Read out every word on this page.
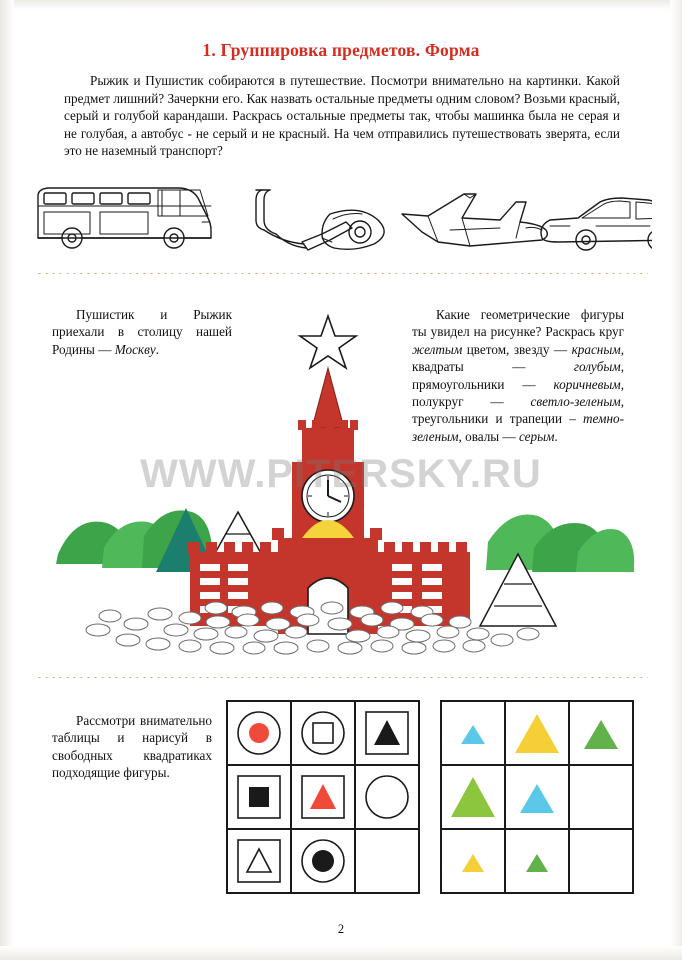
1. Группировка предметов. Форма
Рыжик и Пушистик собираются в путешествие. Посмотри внимательно на картинки. Какой предмет лишний? Зачеркни его. Как назвать остальные предметы одним словом? Возьми красный, серый и голубой карандаши. Раскрась остальные предметы так, чтобы машинка была не серая и не голубая, а автобус - не серый и не красный. На чем отправились путешествовать зверята, если это не наземный транспорт?
Пушистик и Рыжик приехали в столицу нашей Родины — Москву.
Какие геометрические фигуры ты увидел на рисунке? Раскрась круг желтым цветом, звезду — красным, квадраты — голубым, прямоугольники — коричневым, полукруг — светло-зеленым, треугольники и трапеции – темно-зеленым, овалы — серым.
WWW.PITERSKY.RU
Рассмотри внимательно таблицы и нарисуй в свободных квадратиках подходящие фигуры.
2
